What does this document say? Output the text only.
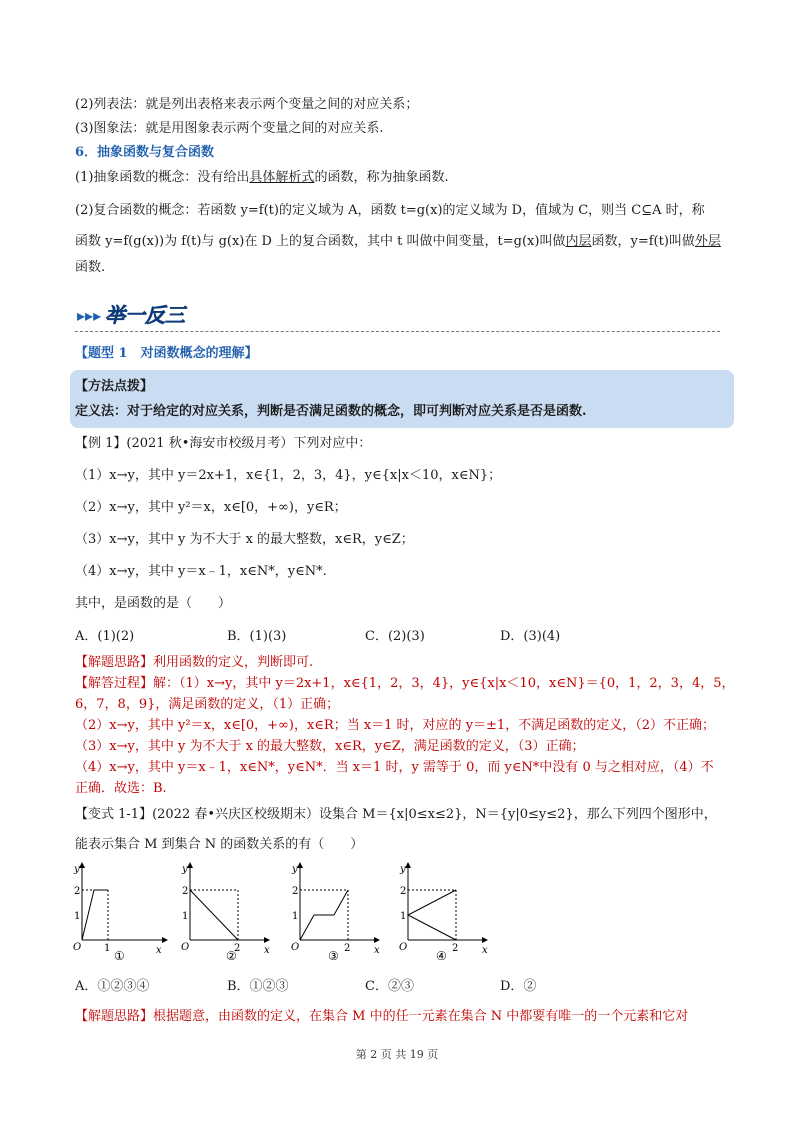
(2)列表法：就是列出表格来表示两个变量之间的对应关系；
(3)图象法：就是用图象表示两个变量之间的对应关系.
6．抽象函数与复合函数
(1)抽象函数的概念：没有给出具体解析式的函数，称为抽象函数.
(2)复合函数的概念：若函数 y=f(t)的定义域为 A，函数 t=g(x)的定义域为 D，值域为 C，则当 C⊆A 时，称
函数 y=f(g(x))为 f(t)与 g(x)在 D 上的复合函数，其中 t 叫做中间变量，t=g(x)叫做内层函数，y=f(t)叫做外层
函数.
▸▸▸ 举一反三
【题型 1　对函数概念的理解】
【方法点拨】
定义法：对于给定的对应关系，判断是否满足函数的概念，即可判断对应关系是否是函数.
【例 1】(2021 秋•海安市校级月考）下列对应中：
（1）x→y，其中 y＝2x+1，x∈{1，2，3，4}，y∈{x|x＜10，x∈N}；
（2）x→y，其中 y²＝x，x∈[0，+∞)，y∈R；
（3）x→y，其中 y 为不大于 x 的最大整数，x∈R，y∈Z；
（4）x→y，其中 y＝x﹣1，x∈N*，y∈N*.
其中，是函数的是（　　）
A．(1)(2)	B．(1)(3)	C．(2)(3)	D．(3)(4)
【解题思路】利用函数的定义，判断即可.
【解答过程】解：（1）x→y，其中 y＝2x+1，x∈{1，2，3，4}，y∈{x|x＜10，x∈N}＝{0，1，2，3，4，5，
6，7，8，9}，满足函数的定义，（1）正确；
（2）x→y，其中 y²＝x，x∈[0，+∞)，x∈R；当 x＝1 时，对应的 y＝±1，不满足函数的定义，（2）不正确；
（3）x→y，其中 y 为不大于 x 的最大整数，x∈R，y∈Z，满足函数的定义，（3）正确；
（4）x→y，其中 y＝x﹣1，x∈N*，y∈N*．当 x＝1 时，y 需等于 0，而 y∈N*中没有 0 与之相对应，（4）不
正确．故选：B.
【变式 1-1】(2022 春•兴庆区校级期末）设集合 M＝{x|0≤x≤2}，N＝{y|0≤y≤2}，那么下列四个图形中，
能表示集合 M 到集合 N 的函数关系的有（　　）
y
x
O
2
1
1
①
y
x
O
2
1
2
②
y
x
O
2
1
2
③
y
x
O
2
1
2
④
A．①②③④	B．①②③	C．②③	D．②
【解题思路】根据题意，由函数的定义，在集合 M 中的任一元素在集合 N 中都要有唯一的一个元素和它对
第 2 页 共 19 页
